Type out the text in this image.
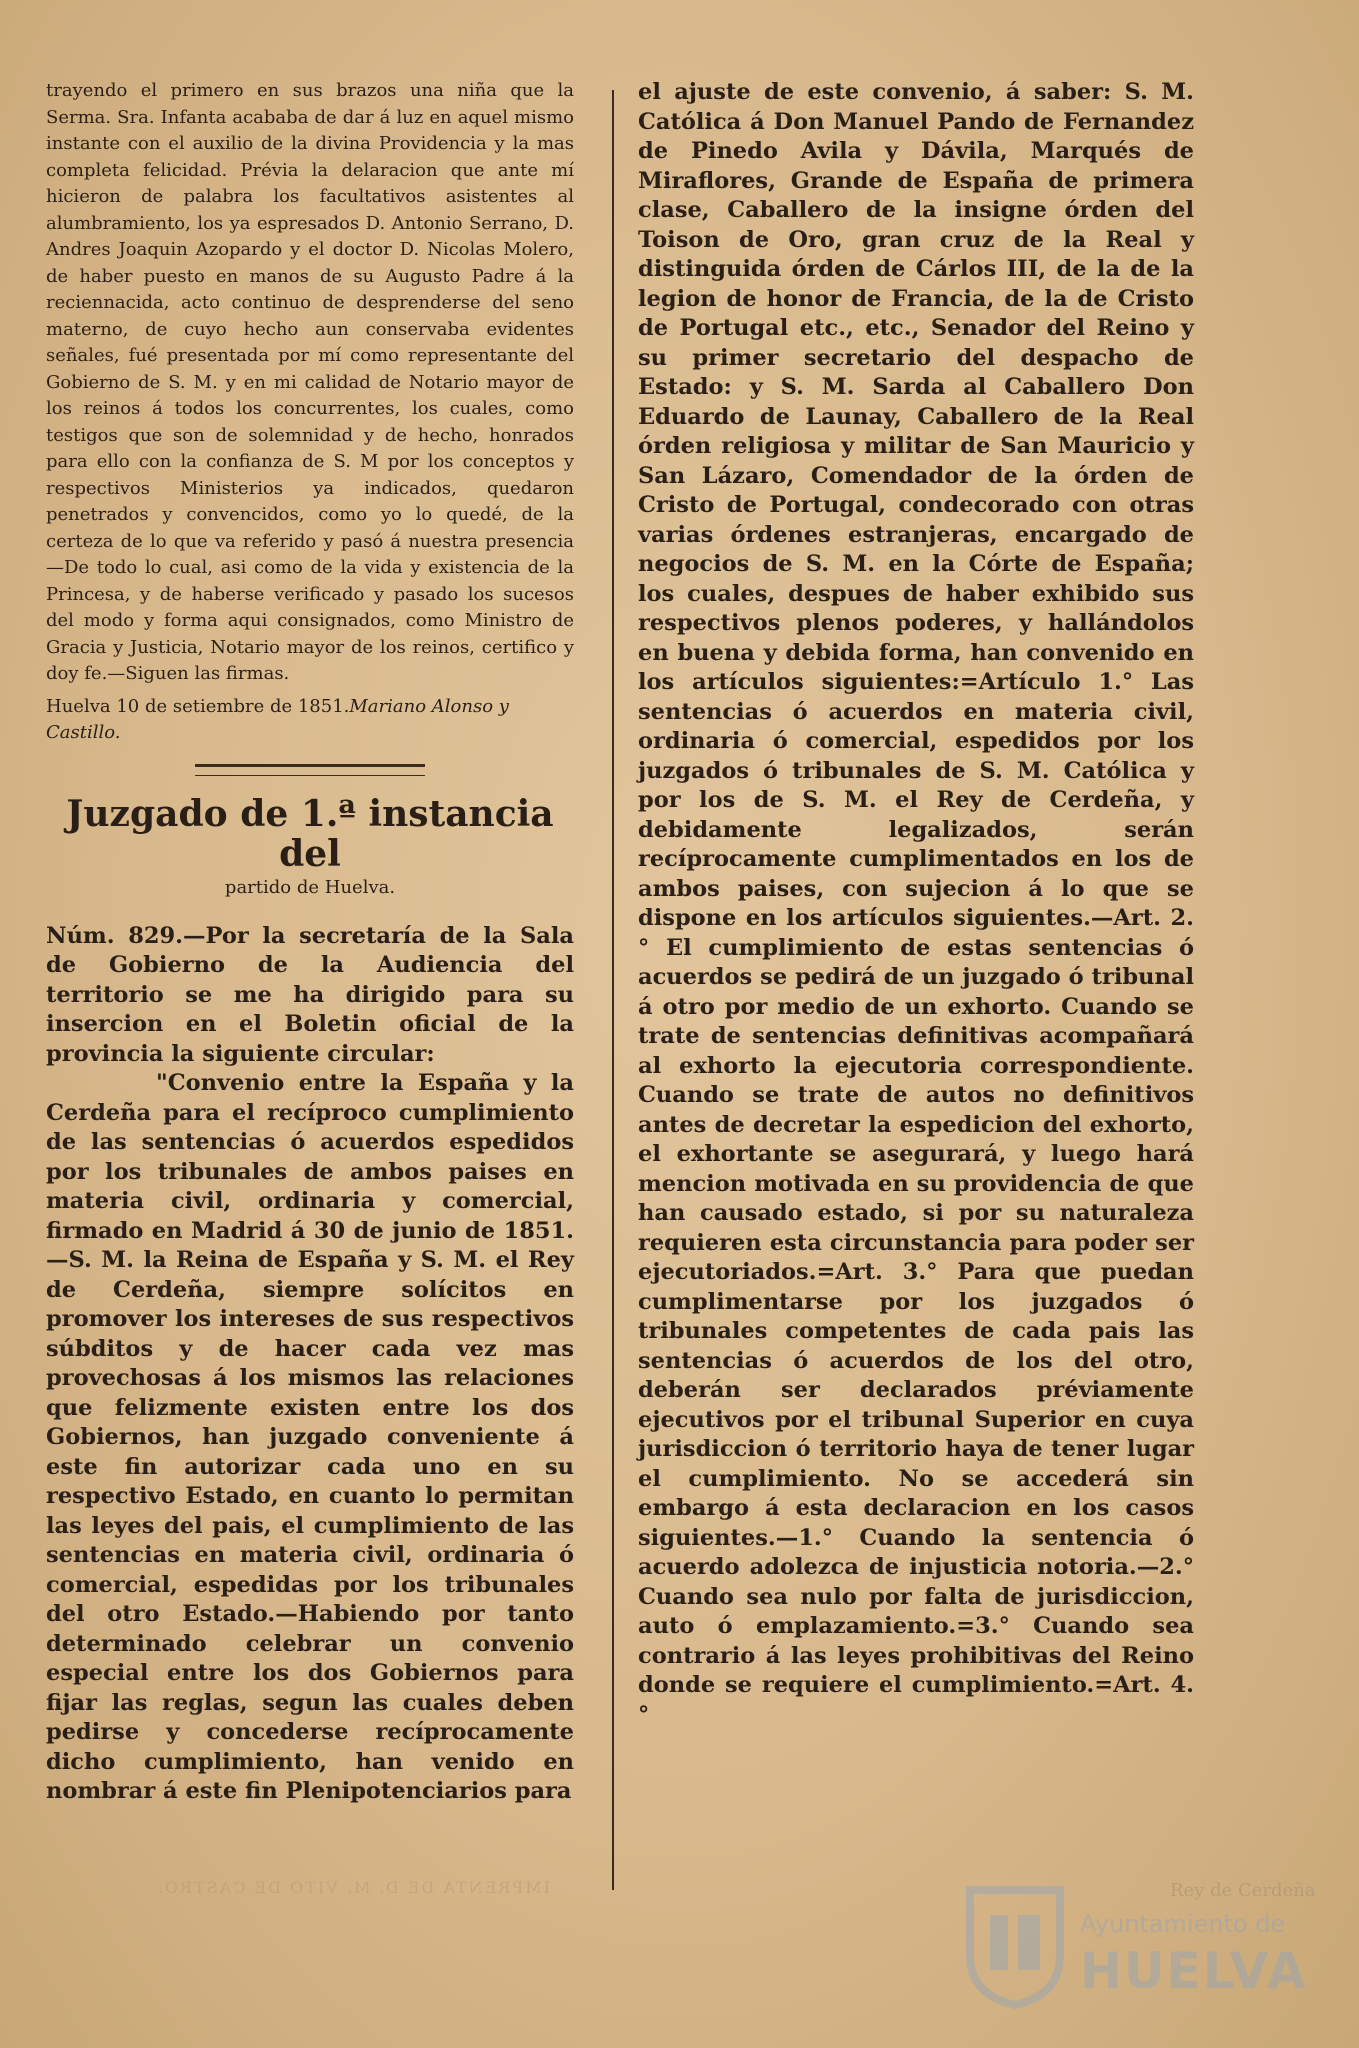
trayendo el primero en sus brazos una niña que la Serma. Sra. Infanta acababa de dar á luz en aquel mismo instante con el auxilio de la divina Providencia y la mas completa felicidad. Prévia la delaracion que ante mí hicieron de palabra los facultativos asistentes al alumbramiento, los ya espresados D. Antonio Serrano, D. Andres Joaquin Azopardo y el doctor D. Nicolas Molero, de haber puesto en manos de su Augusto Padre á la reciennacida, acto continuo de desprenderse del seno materno, de cuyo hecho aun conservaba evidentes señales, fué presentada por mí como representante del Gobierno de S. M. y en mi calidad de Notario mayor de los reinos á todos los concurrentes, los cuales, como testigos que son de solemnidad y de hecho, honrados para ello con la confianza de S. M por los conceptos y respectivos Ministerios ya indicados, quedaron penetrados y convencidos, como yo lo quedé, de la certeza de lo que va referido y pasó á nuestra presencia —De todo lo cual, asi como de la vida y existencia de la Princesa, y de haberse verificado y pasado los sucesos del modo y forma aqui consignados, como Ministro de Gracia y Justicia, Notario mayor de los reinos, certifico y doy fe.—Siguen las firmas.

Huelva 10 de setiembre de 1851.Mariano Alonso y Castillo.

Juzgado de 1.ª instancia del

partido de Huelva.

Núm. 829.—Por la secretaría de la Sala de Gobierno de la Audiencia del territorio se me ha dirigido para su insercion en el Boletin oficial de la provincia la siguiente circular:

"Convenio entre la España y la Cerdeña para el recíproco cumplimiento de las sentencias ó acuerdos espedidos por los tribunales de ambos paises en materia civil, ordinaria y comercial, firmado en Madrid á 30 de junio de 1851. —S. M. la Reina de España y S. M. el Rey de Cerdeña, siempre solícitos en promover los intereses de sus respectivos súbditos y de hacer cada vez mas provechosas á los mismos las relaciones que felizmente existen entre los dos Gobiernos, han juzgado conveniente á este fin autorizar cada uno en su respectivo Estado, en cuanto lo permitan las leyes del pais, el cumplimiento de las sentencias en materia civil, ordinaria ó comercial, espedidas por los tribunales del otro Estado.—Habiendo por tanto determinado celebrar un convenio especial entre los dos Gobiernos para fijar las reglas, segun las cuales deben pedirse y concederse recíprocamente dicho cumplimiento, han venido en nombrar á este fin Plenipotenciarios para

el ajuste de este convenio, á saber: S. M. Católica á Don Manuel Pando de Fernandez de Pinedo Avila y Dávila, Marqués de Miraflores, Grande de España de primera clase, Caballero de la insigne órden del Toison de Oro, gran cruz de la Real y distinguida órden de Cárlos III, de la de la legion de honor de Francia, de la de Cristo de Portugal etc., etc., Senador del Reino y su primer secretario del despacho de Estado: y S. M. Sarda al Caballero Don Eduardo de Launay, Caballero de la Real órden religiosa y militar de San Mauricio y San Lázaro, Comendador de la órden de Cristo de Portugal, condecorado con otras varias órdenes estranjeras, encargado de negocios de S. M. en la Córte de España; los cuales, despues de haber exhibido sus respectivos plenos poderes, y hallándolos en buena y debida forma, han convenido en los artículos siguientes:=Artículo 1.° Las sentencias ó acuerdos en materia civil, ordinaria ó comercial, espedidos por los juzgados ó tribunales de S. M. Católica y por los de S. M. el Rey de Cerdeña, y debidamente legalizados, serán recíprocamente cumplimentados en los de ambos paises, con sujecion á lo que se dispone en los artículos siguientes.—Art. 2.° El cumplimiento de estas sentencias ó acuerdos se pedirá de un juzgado ó tribunal á otro por medio de un exhorto. Cuando se trate de sentencias definitivas acompañará al exhorto la ejecutoria correspondiente. Cuando se trate de autos no definitivos antes de decretar la espedicion del exhorto, el exhortante se asegurará, y luego hará mencion motivada en su providencia de que han causado estado, si por su naturaleza requieren esta circunstancia para poder ser ejecutoriados.=Art. 3.° Para que puedan cumplimentarse por los juzgados ó tribunales competentes de cada pais las sentencias ó acuerdos de los del otro, deberán ser declarados préviamente ejecutivos por el tribunal Superior en cuya jurisdiccion ó territorio haya de tener lugar el cumplimiento. No se accederá sin embargo á esta declaracion en los casos siguientes.—1.° Cuando la sentencia ó acuerdo adolezca de injusticia notoria.—2.° Cuando sea nulo por falta de jurisdiccion, auto ó emplazamiento.=3.° Cuando sea contrario á las leyes prohibitivas del Reino donde se requiere el cumplimiento.=Art. 4.°

IMPRENTA DE D. M. VITO DE CASTRO.	Rey de Cerdeña
Ayuntamiento de
HUELVA
